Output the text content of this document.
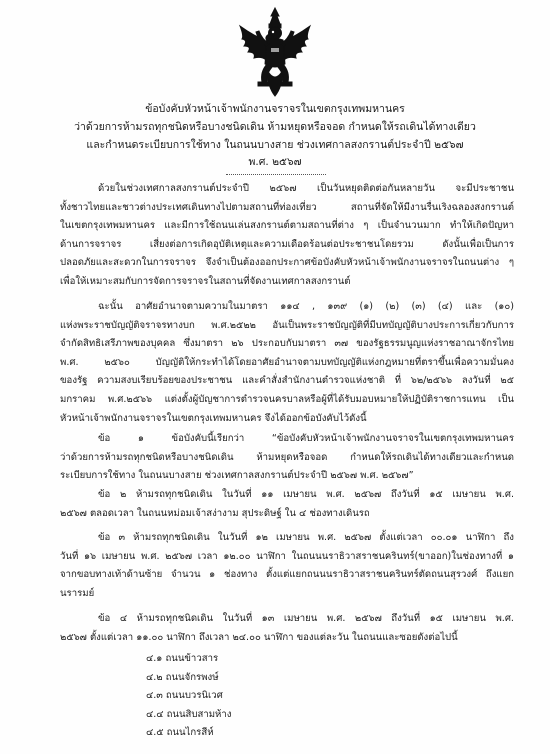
ข้อบังคับหัวหน้าเจ้าพนักงานจราจรในเขตกรุงเทพมหานคร
ว่าด้วยการห้ามรถทุกชนิดหรือบางชนิดเดิน ห้ามหยุดหรือจอด กำหนดให้รถเดินได้ทางเดียว
และกำหนดระเบียบการใช้ทาง ในถนนบางสาย ช่วงเทศกาลสงกรานต์ประจำปี ๒๕๖๗
พ.ศ. ๒๕๖๗
ด้วยในช่วงเทศกาลสงกรานต์ประจำปี ๒๕๖๗ เป็นวันหยุดติดต่อกันหลายวัน จะมีประชาชน
ทั้งชาวไทยและชาวต่างประเทศเดินทางไปตามสถานที่ท่องเที่ยว สถานที่จัดให้มีงานรื่นเริงฉลองสงกรานต์
ในเขตกรุงเทพมหานคร และมีการใช้ถนนเล่นสงกรานต์ตามสถานที่ต่าง ๆ เป็นจำนวนมาก ทำให้เกิดปัญหา
ด้านการจราจร เสี่ยงต่อการเกิดอุบัติเหตุและความเดือดร้อนต่อประชาชนโดยรวม ดังนั้นเพื่อเป็นการ
ปลอดภัยและสะดวกในการจราจร จึงจำเป็นต้องออกประกาศข้อบังคับหัวหน้าเจ้าพนักงานจราจรในถนนต่าง ๆ
เพื่อให้เหมาะสมกับการจัดการจราจรในสถานที่จัดงานเทศกาลสงกรานต์
ฉะนั้น อาศัยอำนาจตามความในมาตรา ๑๑๔ , ๑๓๙ (๑) (๒) (๓) (๔) และ (๑๐)
แห่งพระราชบัญญัติจราจรทางบก พ.ศ.๒๕๒๒ อันเป็นพระราชบัญญัติที่มีบทบัญญัติบางประการเกี่ยวกับการ
จำกัดสิทธิเสรีภาพของบุคคล ซึ่งมาตรา ๒๖ ประกอบกับมาตรา ๓๗ ของรัฐธรรมนูญแห่งราชอาณาจักรไทย
พ.ศ. ๒๕๖๐ บัญญัติให้กระทำได้โดยอาศัยอำนาจตามบทบัญญัติแห่งกฎหมายที่ตราขึ้นเพื่อความมั่นคง
ของรัฐ ความสงบเรียบร้อยของประชาชน และคำสั่งสำนักงานตำรวจแห่งชาติ ที่ ๖๒/๒๕๖๖ ลงวันที่ ๒๕
มกราคม พ.ศ.๒๕๖๖ แต่งตั้งผู้บัญชาการตำรวจนครบาลหรือผู้ที่ได้รับมอบหมายให้ปฏิบัติราชการแทน เป็น
หัวหน้าเจ้าพนักงานจราจรในเขตกรุงเทพมหานคร จึงได้ออกข้อบังคับไว้ดังนี้
ข้อ ๑ ข้อบังคับนี้เรียกว่า “ข้อบังคับหัวหน้าเจ้าพนักงานจราจรในเขตกรุงเทพมหานคร
ว่าด้วยการห้ามรถทุกชนิดหรือบางชนิดเดิน ห้ามหยุดหรือจอด กำหนดให้รถเดินได้ทางเดียวและกำหนด
ระเบียบการใช้ทาง ในถนนบางสาย ช่วงเทศกาลสงกรานต์ประจำปี ๒๕๖๗ พ.ศ. ๒๕๖๗”
ข้อ ๒ ห้ามรถทุกชนิดเดิน ในวันที่ ๑๑ เมษายน พ.ศ. ๒๕๖๗ ถึงวันที่ ๑๕ เมษายน พ.ศ.
๒๕๖๗ ตลอดเวลา ในถนนหม่อมเจ้าสง่างาม สุประดิษฐ์ ใน ๔ ช่องทางเดินรถ
ข้อ ๓ ห้ามรถทุกชนิดเดิน ในวันที่ ๑๒ เมษายน พ.ศ. ๒๕๖๗ ตั้งแต่เวลา ๐๐.๐๑ นาฬิกา ถึง
วันที่ ๑๖ เมษายน พ.ศ. ๒๕๖๗ เวลา ๑๒.๐๐ นาฬิกา ในถนนนราธิวาสราชนครินทร์(ขาออก)ในช่องทางที่ ๑
จากขอบทางเท้าด้านซ้าย จำนวน ๑ ช่องทาง ตั้งแต่แยกถนนนราธิวาสราชนครินทร์ตัดถนนสุรวงศ์ ถึงแยก
นรารมย์
ข้อ ๔ ห้ามรถทุกชนิดเดิน ในวันที่ ๑๓ เมษายน พ.ศ. ๒๕๖๗ ถึงวันที่ ๑๕ เมษายน พ.ศ.
๒๕๖๗ ตั้งแต่เวลา ๑๑.๐๐ นาฬิกา ถึงเวลา ๒๔.๐๐ นาฬิกา ของแต่ละวัน ในถนนและซอยดังต่อไปนี้
๔.๑ ถนนข้าวสาร
๔.๒ ถนนจักรพงษ์
๔.๓ ถนนบวรนิเวศ
๔.๔ ถนนสิบสามห้าง
๔.๕ ถนนไกรสีห์
